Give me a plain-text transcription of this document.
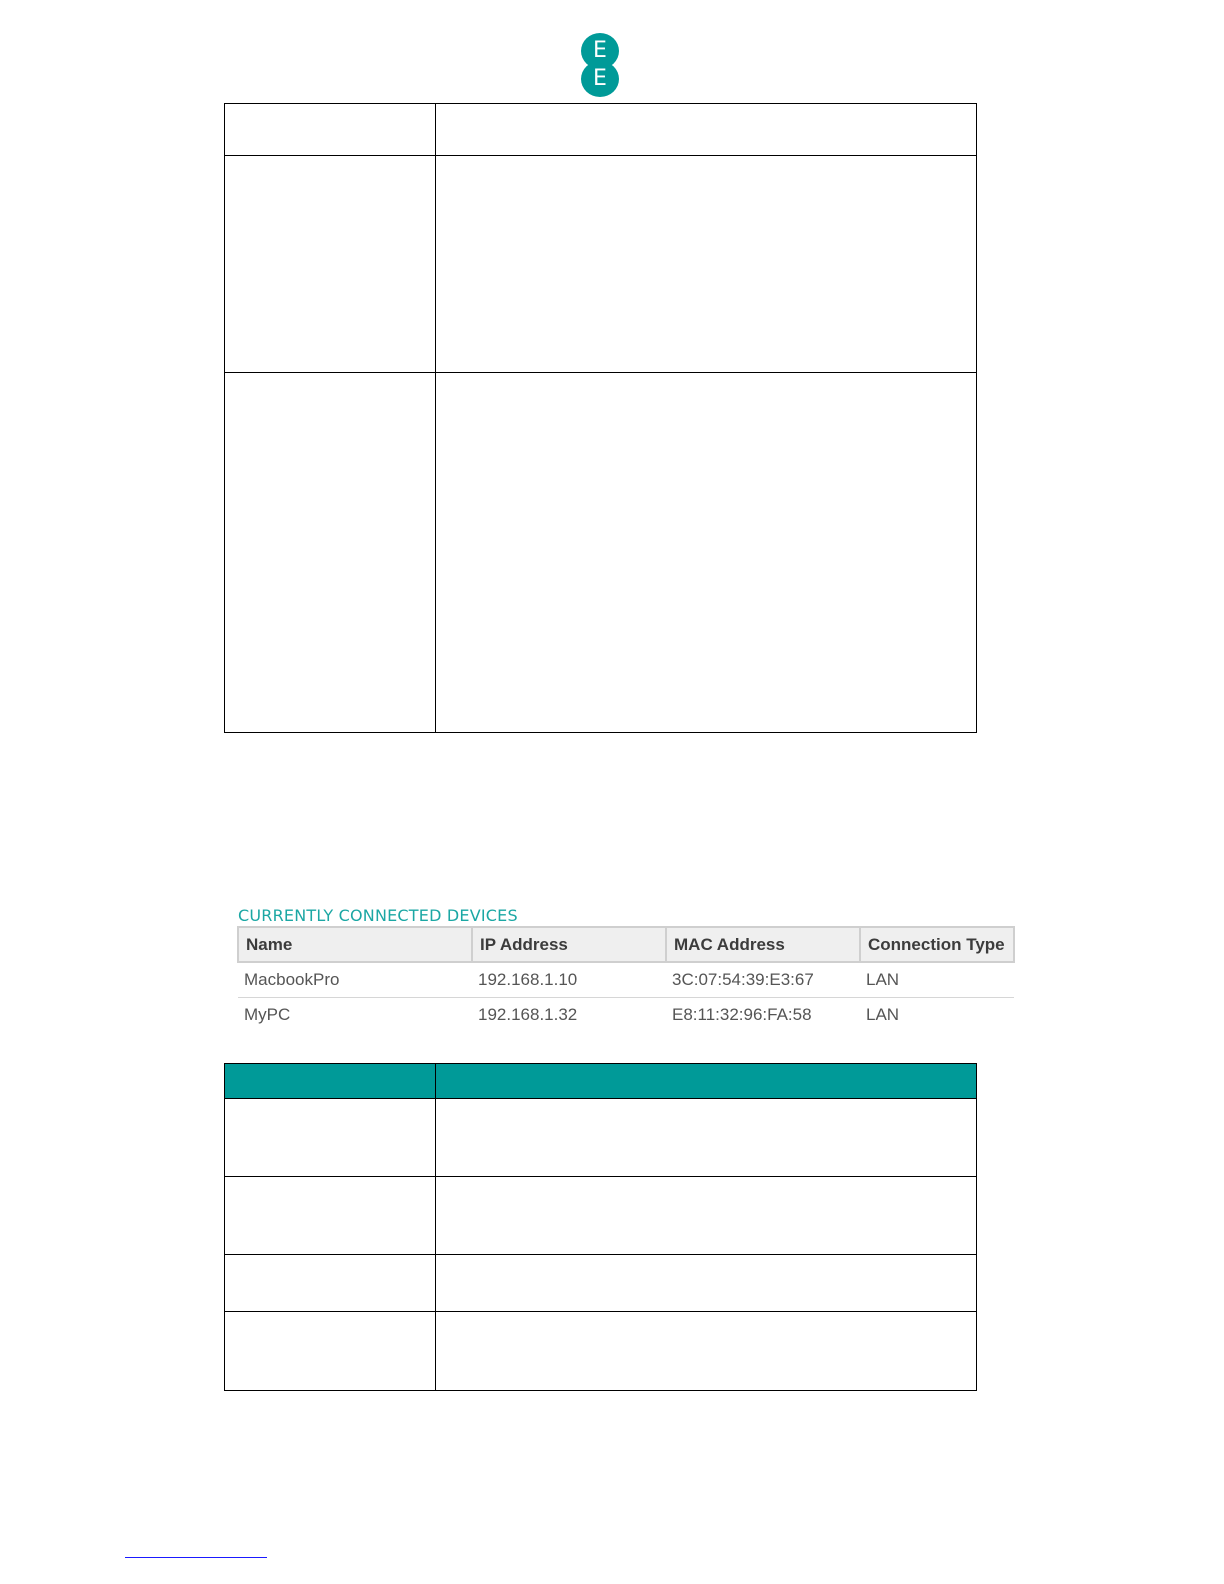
E
E

CURRENTLY CONNECTED DEVICES
Name	IP Address	MAC Address	Connection Type
MacbookPro	192.168.1.10	3C:07:54:39:E3:67	LAN
MyPC	192.168.1.32	E8:11:32:96:FA:58	LAN
